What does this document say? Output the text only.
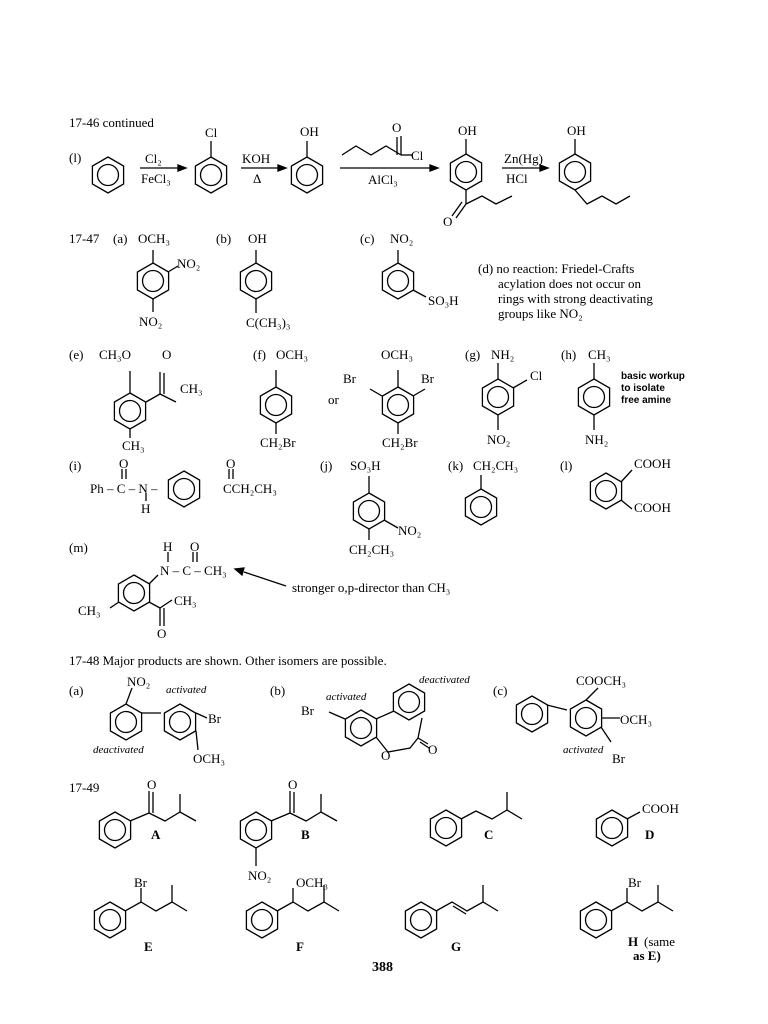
17-46 continued
(l)	Cl₂
FeCl₃
Cl
KOH
Δ
OH	O
Cl
AlCl₃
OH
O
Zn(Hg)
HCl
OH
17-47 (a) OCH₃
NO₂
NO₂
(b) OH
C(CH₃)₃
(c) NO₂
SO₃H
(d) no reaction: Friedel-Crafts
acylation does not occur on
rings with strong deactivating
groups like NO₂
(e) CH₃O O
CH₃
CH₃
(f) OCH₃
CH₂Br
or
OCH₃
Br	Br
CH₂Br
(g) NH₂
Cl
NO₂
(h) CH₃
NH₂
basic workup
to isolate
free amine
(i)	O
Ph – C – N –
H
O
CCH₂CH₃
(j) SO₃H
NO₂
CH₂CH₃
(k) CH₂CH₃	(l)	COOH
COOH
(m)	H O
N – C – CH₃
CH₃
CH₃
O
stronger o,p-director than CH₃
17-48 Major products are shown. Other isomers are possible.
(a)
NO₂
activated
Br
deactivated
OCH₃
(b)	activated
deactivated
Br
O	O
(c)
COOCH₃
OCH₃
activated
Br
17-49	O
A
O
B
NO₂
C
COOH
D
Br
E
OCH₃
F	G
Br
H (same
as E)
388
